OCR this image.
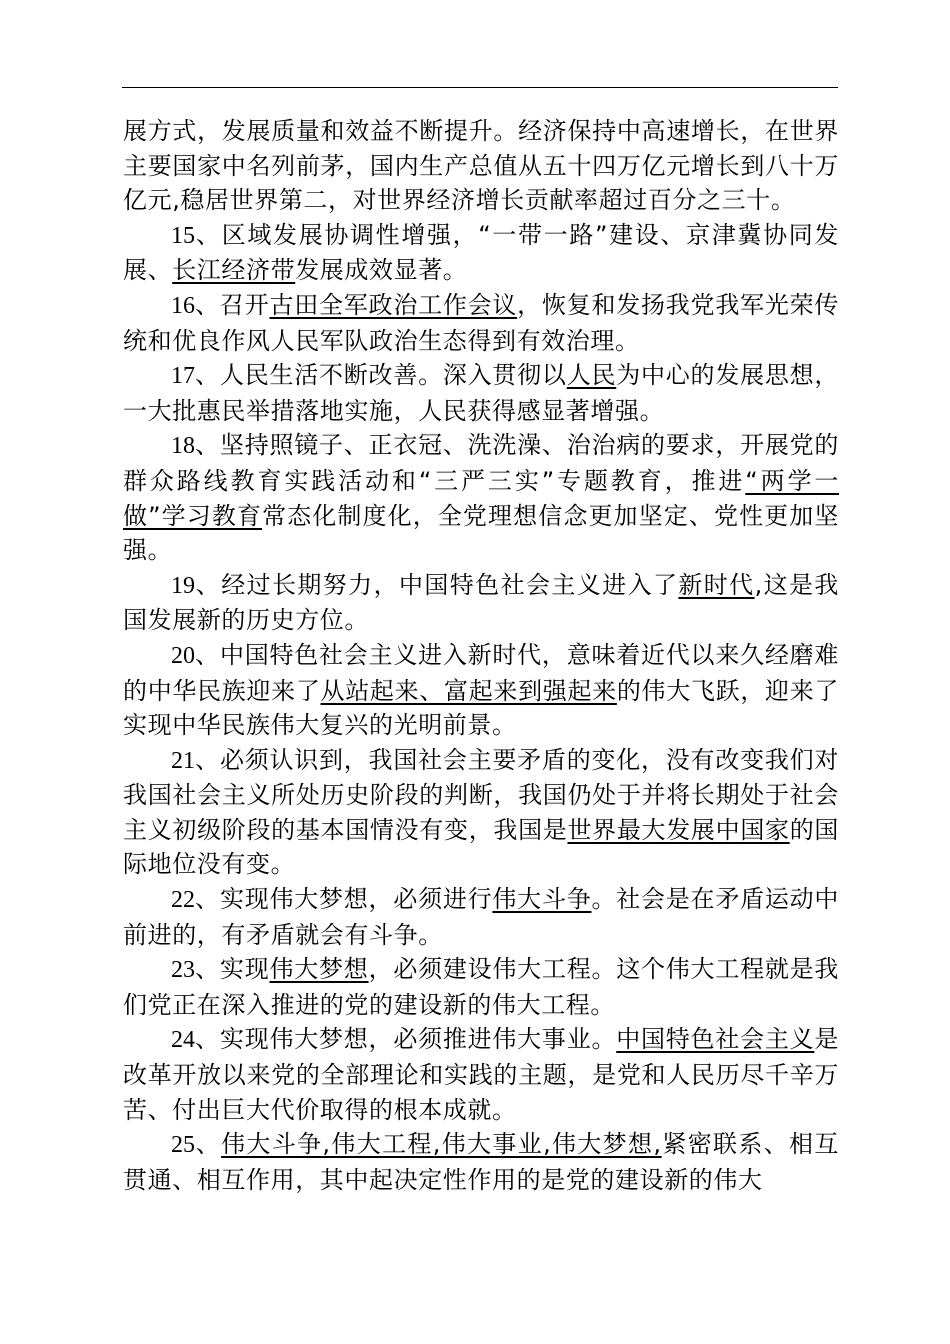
展方式，发展质量和效益不断提升。经济保持中高速增长，在世界主要国家中名列前茅，国内生产总值从五十四万亿元增长到八十万亿元,稳居世界第二，对世界经济增长贡献率超过百分之三十。

15、区域发展协调性增强，“一带一路”建设、京津冀协同发展、长江经济带发展成效显著。

16、召开古田全军政治工作会议，恢复和发扬我党我军光荣传统和优良作风人民军队政治生态得到有效治理。

17、人民生活不断改善。深入贯彻以人民为中心的发展思想，一大批惠民举措落地实施，人民获得感显著增强。

18、坚持照镜子、正衣冠、洗洗澡、治治病的要求，开展党的群众路线教育实践活动和“三严三实”专题教育，推进“两学一做”学习教育常态化制度化，全党理想信念更加坚定、党性更加坚强。

19、经过长期努力，中国特色社会主义进入了新时代,这是我国发展新的历史方位。

20、中国特色社会主义进入新时代，意味着近代以来久经磨难的中华民族迎来了从站起来、富起来到强起来的伟大飞跃，迎来了实现中华民族伟大复兴的光明前景。

21、必须认识到，我国社会主要矛盾的变化，没有改变我们对我国社会主义所处历史阶段的判断，我国仍处于并将长期处于社会主义初级阶段的基本国情没有变，我国是世界最大发展中国家的国际地位没有变。

22、实现伟大梦想，必须进行伟大斗争。社会是在矛盾运动中前进的，有矛盾就会有斗争。

23、实现伟大梦想，必须建设伟大工程。这个伟大工程就是我们党正在深入推进的党的建设新的伟大工程。

24、实现伟大梦想，必须推进伟大事业。中国特色社会主义是改革开放以来党的全部理论和实践的主题，是党和人民历尽千辛万苦、付出巨大代价取得的根本成就。

25、伟大斗争,伟大工程,伟大事业,伟大梦想,紧密联系、相互贯通、相互作用，其中起决定性作用的是党的建设新的伟大
